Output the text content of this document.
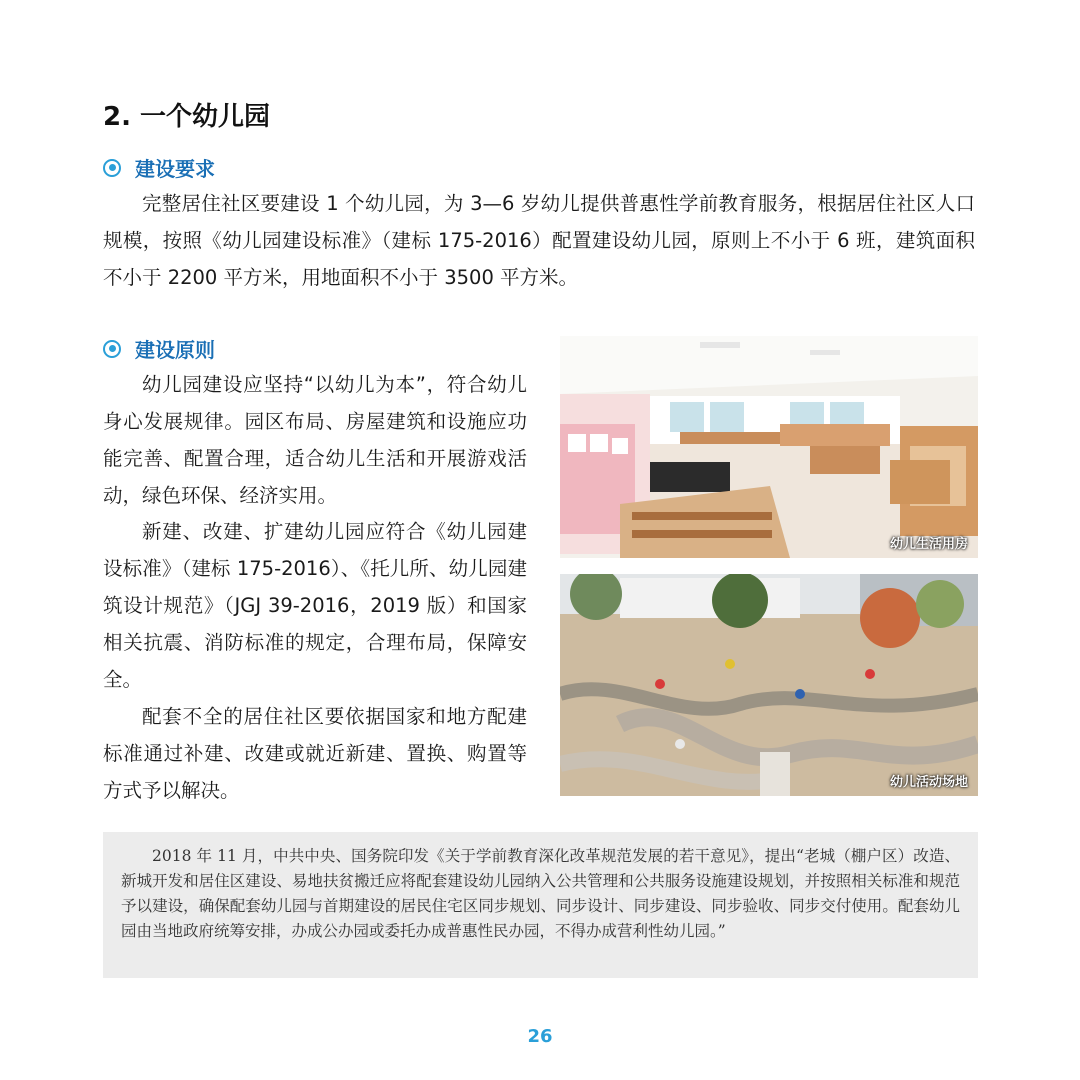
2. 一个幼儿园
建设要求

完整居住社区要建设 1 个幼儿园，为 3—6 岁幼儿提供普惠性学前教育服务，根据居住社区人口规模，按照《幼儿园建设标准》（建标 175-2016）配置建设幼儿园，原则上不小于 6 班，建筑面积不小于 2200 平方米，用地面积不小于 3500 平方米。

建设原则

幼儿园建设应坚持“以幼儿为本”，符合幼儿身心发展规律。园区布局、房屋建筑和设施应功能完善、配置合理，适合幼儿生活和开展游戏活动，绿色环保、经济实用。

新建、改建、扩建幼儿园应符合《幼儿园建设标准》（建标 175-2016）、《托儿所、幼儿园建筑设计规范》（JGJ 39-2016，2019 版）和国家相关抗震、消防标准的规定，合理布局，保障安全。

配套不全的居住社区要依据国家和地方配建标准通过补建、改建或就近新建、置换、购置等方式予以解决。

幼儿生活用房
幼儿活动场地

2018 年 11 月，中共中央、国务院印发《关于学前教育深化改革规范发展的若干意见》，提出“老城（棚户区）改造、新城开发和居住区建设、易地扶贫搬迁应将配套建设幼儿园纳入公共管理和公共服务设施建设规划，并按照相关标准和规范予以建设，确保配套幼儿园与首期建设的居民住宅区同步规划、同步设计、同步建设、同步验收、同步交付使用。配套幼儿园由当地政府统筹安排，办成公办园或委托办成普惠性民办园，不得办成营利性幼儿园。”

26
